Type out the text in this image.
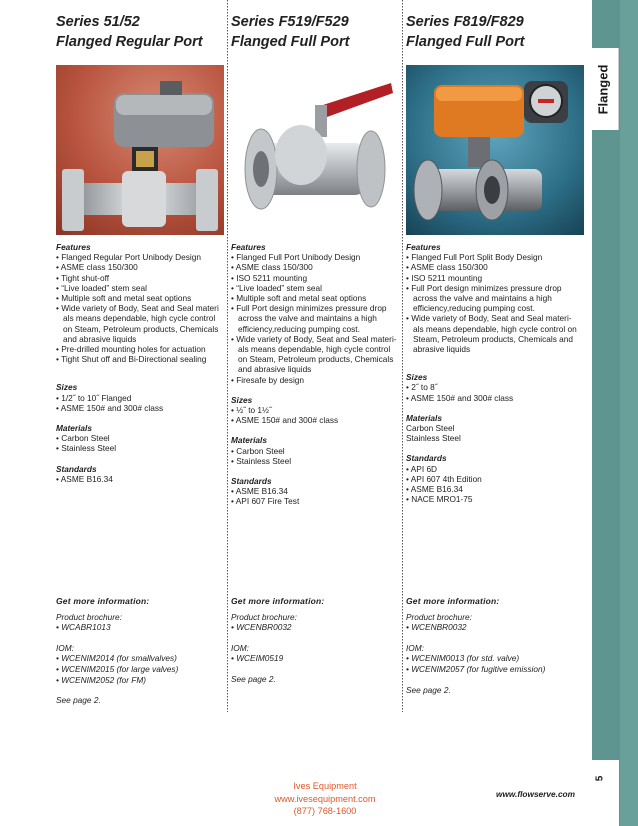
Series 51/52
Flanged Regular Port
Features
• Flanged Regular Port Unibody Design
• ASME class 150/300
• Tight shut-off
• “Live loaded” stem seal
• Multiple soft and metal seat options
• Wide variety of Body, Seat and Seal materi als means dependable, high cycle control on Steam, Petroleum products, Chemicals and abrasive liquids
• Pre-drilled mounting holes for actuation
• Tight Shut off and Bi-Directional sealing
Sizes
• 1/2˝ to 10˝ Flanged
• ASME 150# and 300# class
Materials
• Carbon Steel
• Stainless Steel
Standards
• ASME B16.34
Get more information:
Product brochure:
• WCABR1013
IOM:
• WCENIM2014 (for smallvalves)
• WCENIM2015 (for large valves)
• WCENIM2052 (for FM)
See page 2.
Series F519/F529
Flanged Full Port
Features
• Flanged Full Port Unibody Design
• ASME class 150/300
• ISO 5211 mounting
• “Live loaded” stem seal
• Multiple soft and metal seat options
• Full Port design minimizes pressure drop across the valve and maintains a high efficiency,reducing pumping cost.
• Wide variety of Body, Seat and Seal materi- als means dependable, high cycle control on Steam, Petroleum products, Chemicals and abrasive liquids
• Firesafe by design
Sizes
• ½˝ to 1½˝
• ASME 150# and 300# class
Materials
• Carbon Steel
• Stainless Steel
Standards
• ASME B16.34
• API 607 Fire Test
Get more information:
Product brochure:
• WCENBR0032
IOM:
• WCEIM0519
See page 2.
Series F819/F829
Flanged Full Port
Features
• Flanged Full Port Split Body Design
• ASME class 150/300
• ISO 5211 mounting
• Full Port design minimizes pressure drop across the valve and maintains a high efficiency,reducing pumping cost.
• Wide variety of Body, Seat and Seal materi- als means dependable, high cycle control on Steam, Petroleum products, Chemicals and abrasive liquids
Sizes
• 2˝ to 8˝
• ASME 150# and 300# class
Materials
Carbon Steel
Stainless Steel
Standards
• API 6D
• API 607 4th Edition
• ASME B16.34
• NACE MRO1-75
Get more information:
Product brochure:
• WCENBR0032
IOM:
• WCENIM0013 (for std. valve)
• WCENIM2057 (for fugitive emission)
See page 2.
Flanged
5
www.flowserve.com
Ives Equipment
www.ivesequipment.com
(877) 768-1600
